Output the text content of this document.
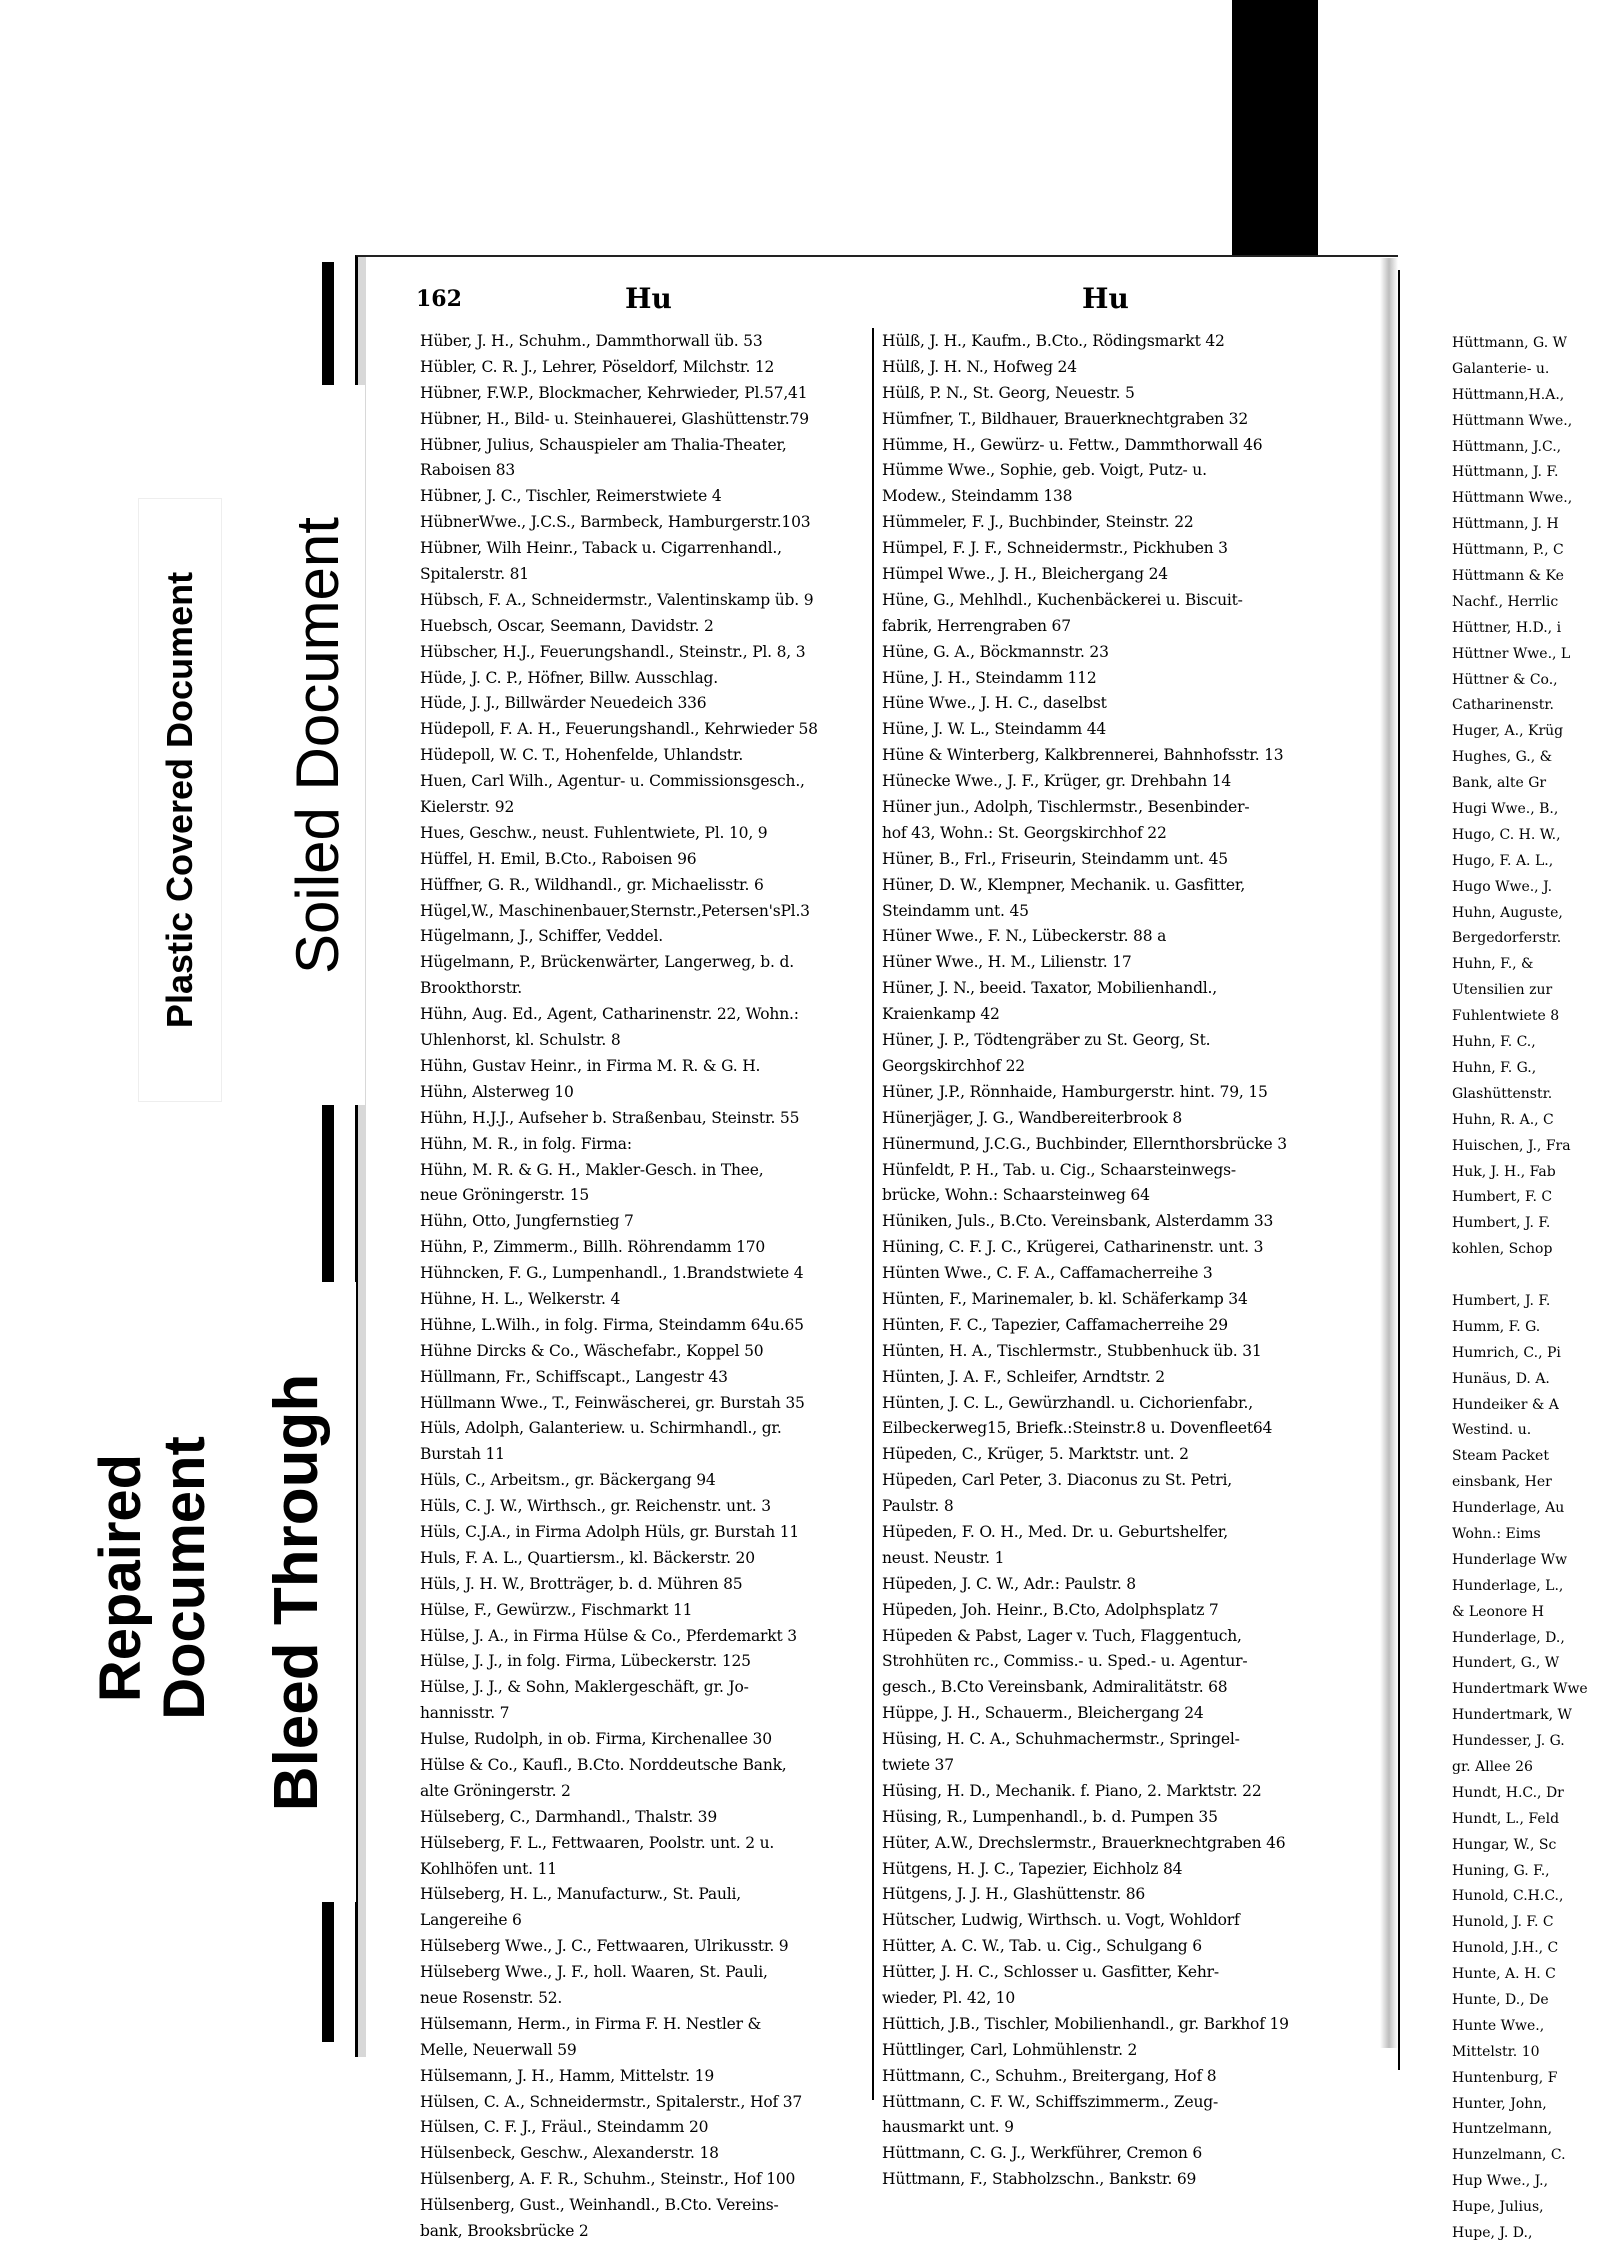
162	Hu	Hu
Hüber, J. H., Schuhm., Dammthorwall üb. 53
Hübler, C. R. J., Lehrer, Pöseldorf, Milchstr. 12
Hübner, F.W.P., Blockmacher, Kehrwieder, Pl.57,41
Hübner, H., Bild- u. Steinhauerei, Glashüttenstr.79
Hübner, Julius, Schauspieler am Thalia-Theater,
Raboisen 83
Hübner, J. C., Tischler, Reimerstwiete 4
HübnerWwe., J.C.S., Barmbeck, Hamburgerstr.103
Hübner, Wilh Heinr., Taback u. Cigarrenhandl.,
Spitalerstr. 81
Hübsch, F. A., Schneidermstr., Valentinskamp üb. 9
Huebsch, Oscar, Seemann, Davidstr. 2
Hübscher, H.J., Feuerungshandl., Steinstr., Pl. 8, 3
Hüde, J. C. P., Höfner, Billw. Ausschlag.
Hüde, J. J., Billwärder Neuedeich 336
Hüdepoll, F. A. H., Feuerungshandl., Kehrwieder 58
Hüdepoll, W. C. T., Hohenfelde, Uhlandstr.
Huen, Carl Wilh., Agentur- u. Commissionsgesch.,
Kielerstr. 92
Hues, Geschw., neust. Fuhlentwiete, Pl. 10, 9
Hüffel, H. Emil, B.Cto., Raboisen 96
Hüffner, G. R., Wildhandl., gr. Michaelisstr. 6
Hügel,W., Maschinenbauer,Sternstr.,Petersen'sPl.3
Hügelmann, J., Schiffer, Veddel.
Hügelmann, P., Brückenwärter, Langerweg, b. d.
Brookthorstr.
Hühn, Aug. Ed., Agent, Catharinenstr. 22, Wohn.:
Uhlenhorst, kl. Schulstr. 8
Hühn, Gustav Heinr., in Firma M. R. & G. H.
Hühn, Alsterweg 10
Hühn, H.J.J., Aufseher b. Straßenbau, Steinstr. 55
Hühn, M. R., in folg. Firma:
Hühn, M. R. & G. H., Makler-Gesch. in Thee,
neue Gröningerstr. 15
Hühn, Otto, Jungfernstieg 7
Hühn, P., Zimmerm., Billh. Röhrendamm 170
Hühncken, F. G., Lumpenhandl., 1.Brandstwiete 4
Hühne, H. L., Welkerstr. 4
Hühne, L.Wilh., in folg. Firma, Steindamm 64u.65
Hühne Dircks & Co., Wäschefabr., Koppel 50
Hüllmann, Fr., Schiffscapt., Langestr 43
Hüllmann Wwe., T., Feinwäscherei, gr. Burstah 35
Hüls, Adolph, Galanteriew. u. Schirmhandl., gr.
Burstah 11
Hüls, C., Arbeitsm., gr. Bäckergang 94
Hüls, C. J. W., Wirthsch., gr. Reichenstr. unt. 3
Hüls, C.J.A., in Firma Adolph Hüls, gr. Burstah 11
Huls, F. A. L., Quartiersm., kl. Bäckerstr. 20
Hüls, J. H. W., Brotträger, b. d. Mühren 85
Hülse, F., Gewürzw., Fischmarkt 11
Hülse, J. A., in Firma Hülse & Co., Pferdemarkt 3
Hülse, J. J., in folg. Firma, Lübeckerstr. 125
Hülse, J. J., & Sohn, Maklergeschäft, gr. Jo-
hannisstr. 7
Hulse, Rudolph, in ob. Firma, Kirchenallee 30
Hülse & Co., Kaufl., B.Cto. Norddeutsche Bank,
alte Gröningerstr. 2
Hülseberg, C., Darmhandl., Thalstr. 39
Hülseberg, F. L., Fettwaaren, Poolstr. unt. 2 u.
Kohlhöfen unt. 11
Hülseberg, H. L., Manufacturw., St. Pauli,
Langereihe 6
Hülseberg Wwe., J. C., Fettwaaren, Ulrikusstr. 9
Hülseberg Wwe., J. F., holl. Waaren, St. Pauli,
neue Rosenstr. 52.
Hülsemann, Herm., in Firma F. H. Nestler &
Melle, Neuerwall 59
Hülsemann, J. H., Hamm, Mittelstr. 19
Hülsen, C. A., Schneidermstr., Spitalerstr., Hof 37
Hülsen, C. F. J., Fräul., Steindamm 20
Hülsenbeck, Geschw., Alexanderstr. 18
Hülsenberg, A. F. R., Schuhm., Steinstr., Hof 100
Hülsenberg, Gust., Weinhandl., B.Cto. Vereins-
bank, Brooksbrücke 2
Hülß, J. H., Kaufm., B.Cto., Rödingsmarkt 42
Hülß, J. H. N., Hofweg 24
Hülß, P. N., St. Georg, Neuestr. 5
Hümfner, T., Bildhauer, Brauerknechtgraben 32
Hümme, H., Gewürz- u. Fettw., Dammthorwall 46
Hümme Wwe., Sophie, geb. Voigt, Putz- u.
Modew., Steindamm 138
Hümmeler, F. J., Buchbinder, Steinstr. 22
Hümpel, F. J. F., Schneidermstr., Pickhuben 3
Hümpel Wwe., J. H., Bleichergang 24
Hüne, G., Mehlhdl., Kuchenbäckerei u. Biscuit-
fabrik, Herrengraben 67
Hüne, G. A., Böckmannstr. 23
Hüne, J. H., Steindamm 112
Hüne Wwe., J. H. C., daselbst
Hüne, J. W. L., Steindamm 44
Hüne & Winterberg, Kalkbrennerei, Bahnhofsstr. 13
Hünecke Wwe., J. F., Krüger, gr. Drehbahn 14
Hüner jun., Adolph, Tischlermstr., Besenbinder-
hof 43, Wohn.: St. Georgskirchhof 22
Hüner, B., Frl., Friseurin, Steindamm unt. 45
Hüner, D. W., Klempner, Mechanik. u. Gasfitter,
Steindamm unt. 45
Hüner Wwe., F. N., Lübeckerstr. 88 a
Hüner Wwe., H. M., Lilienstr. 17
Hüner, J. N., beeid. Taxator, Mobilienhandl.,
Kraienkamp 42
Hüner, J. P., Tödtengräber zu St. Georg, St.
Georgskirchhof 22
Hüner, J.P., Rönnhaide, Hamburgerstr. hint. 79, 15
Hünerjäger, J. G., Wandbereiterbrook 8
Hünermund, J.C.G., Buchbinder, Ellernthorsbrücke 3
Hünfeldt, P. H., Tab. u. Cig., Schaarsteinwegs-
brücke, Wohn.: Schaarsteinweg 64
Hüniken, Juls., B.Cto. Vereinsbank, Alsterdamm 33
Hüning, C. F. J. C., Krügerei, Catharinenstr. unt. 3
Hünten Wwe., C. F. A., Caffamacherreihe 3
Hünten, F., Marinemaler, b. kl. Schäferkamp 34
Hünten, F. C., Tapezier, Caffamacherreihe 29
Hünten, H. A., Tischlermstr., Stubbenhuck üb. 31
Hünten, J. A. F., Schleifer, Arndtstr. 2
Hünten, J. C. L., Gewürzhandl. u. Cichorienfabr.,
Eilbeckerweg15, Briefk.:Steinstr.8 u. Dovenfleet64
Hüpeden, C., Krüger, 5. Marktstr. unt. 2
Hüpeden, Carl Peter, 3. Diaconus zu St. Petri,
Paulstr. 8
Hüpeden, F. O. H., Med. Dr. u. Geburtshelfer,
neust. Neustr. 1
Hüpeden, J. C. W., Adr.: Paulstr. 8
Hüpeden, Joh. Heinr., B.Cto, Adolphsplatz 7
Hüpeden & Pabst, Lager v. Tuch, Flaggentuch,
Strohhüten rc., Commiss.- u. Sped.- u. Agentur-
gesch., B.Cto Vereinsbank, Admiralitätstr. 68
Hüppe, J. H., Schauerm., Bleichergang 24
Hüsing, H. C. A., Schuhmachermstr., Springel-
twiete 37
Hüsing, H. D., Mechanik. f. Piano, 2. Marktstr. 22
Hüsing, R., Lumpenhandl., b. d. Pumpen 35
Hüter, A.W., Drechslermstr., Brauerknechtgraben 46
Hütgens, H. J. C., Tapezier, Eichholz 84
Hütgens, J. J. H., Glashüttenstr. 86
Hütscher, Ludwig, Wirthsch. u. Vogt, Wohldorf
Hütter, A. C. W., Tab. u. Cig., Schulgang 6
Hütter, J. H. C., Schlosser u. Gasfitter, Kehr-
wieder, Pl. 42, 10
Hüttich, J.B., Tischler, Mobilienhandl., gr. Barkhof 19
Hüttlinger, Carl, Lohmühlenstr. 2
Hüttmann, C., Schuhm., Breitergang, Hof 8
Hüttmann, C. F. W., Schiffszimmerm., Zeug-
hausmarkt unt. 9
Hüttmann, C. G. J., Werkführer, Cremon 6
Hüttmann, F., Stabholzschn., Bankstr. 69
Hüttmann, G. W
Galanterie- u.
Hüttmann,H.A.,
Hüttmann Wwe.,
Hüttmann, J.C.,
Hüttmann, J. F.
Hüttmann Wwe.,
Hüttmann, J. H
Hüttmann, P., C
Hüttmann & Ke
Nachf., Herrlic
Hüttner, H.D., i
Hüttner Wwe., L
Hüttner & Co.,
Catharinenstr.
Huger, A., Krüg
Hughes, G., &
Bank, alte Gr
Hugi Wwe., B.,
Hugo, C. H. W.,
Hugo, F. A. L.,
Hugo Wwe., J.
Huhn, Auguste,
Bergedorferstr.
Huhn, F., &
Utensilien zur
Fuhlentwiete 8
Huhn, F. C.,
Huhn, F. G.,
Glashüttenstr.
Huhn, R. A., C
Huischen, J., Fra
Huk, J. H., Fab
Humbert, F. C
Humbert, J. F.
kohlen, Schop
Humbert, J. F.
Humm, F. G.
Humrich, C., Pi
Hunäus, D. A.
Hundeiker & A
Westind. u.
Steam Packet
einsbank, Her
Hunderlage, Au
Wohn.: Eims
Hunderlage Ww
Hunderlage, L.,
& Leonore H
Hunderlage, D.,
Hundert, G., W
Hundertmark Wwe
Hundertmark, W
Hundesser, J. G.
gr. Allee 26
Hundt, H.C., Dr
Hundt, L., Feld
Hungar, W., Sc
Huning, G. F.,
Hunold, C.H.C.,
Hunold, J. F. C
Hunold, J.H., C
Hunte, A. H. C
Hunte, D., De
Hunte Wwe.,
Mittelstr. 10
Huntenburg, F
Hunter, John,
Huntzelmann,
Hunzelmann, C.
Hup Wwe., J.,
Hupe, Julius,
Hupe, J. D.,
Plastic Covered Document Soiled Document
Repaired Document Bleed Through
